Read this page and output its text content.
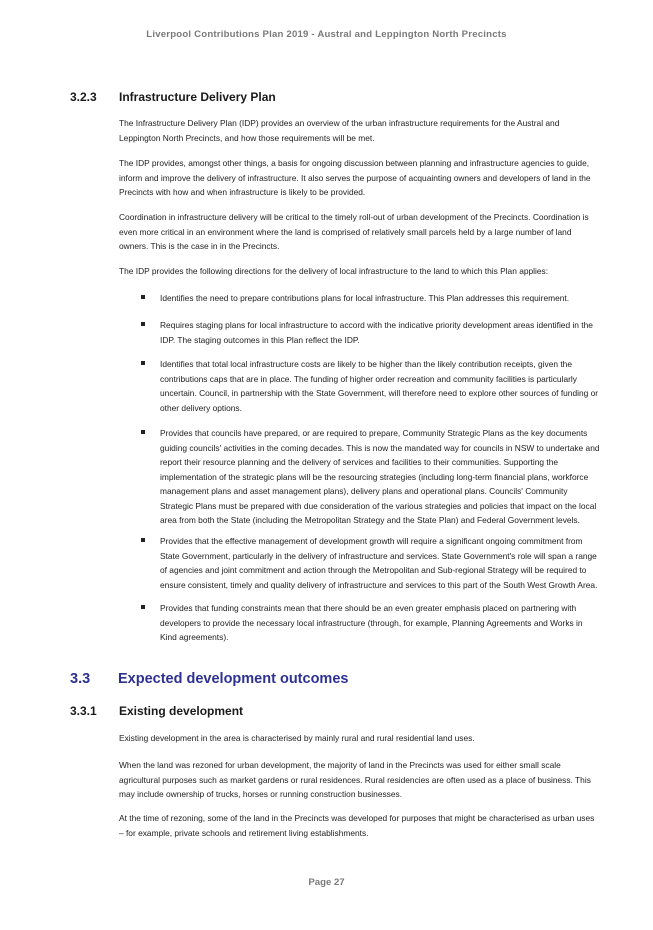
Liverpool Contributions Plan 2019 - Austral and Leppington North Precincts
3.2.3 Infrastructure Delivery Plan
The Infrastructure Delivery Plan (IDP) provides an overview of the urban infrastructure requirements for the Austral and Leppington North Precincts, and how those requirements will be met.
The IDP provides, amongst other things, a basis for ongoing discussion between planning and infrastructure agencies to guide, inform and improve the delivery of infrastructure. It also serves the purpose of acquainting owners and developers of land in the Precincts with how and when infrastructure is likely to be provided.
Coordination in infrastructure delivery will be critical to the timely roll-out of urban development of the Precincts. Coordination is even more critical in an environment where the land is comprised of relatively small parcels held by a large number of land owners. This is the case in in the Precincts.
The IDP provides the following directions for the delivery of local infrastructure to the land to which this Plan applies:
Identifies the need to prepare contributions plans for local infrastructure. This Plan addresses this requirement.
Requires staging plans for local infrastructure to accord with the indicative priority development areas identified in the IDP. The staging outcomes in this Plan reflect the IDP.
Identifies that total local infrastructure costs are likely to be higher than the likely contribution receipts, given the contributions caps that are in place. The funding of higher order recreation and community facilities is particularly uncertain. Council, in partnership with the State Government, will therefore need to explore other sources of funding or other delivery options.
Provides that councils have prepared, or are required to prepare, Community Strategic Plans as the key documents guiding councils' activities in the coming decades. This is now the mandated way for councils in NSW to undertake and report their resource planning and the delivery of services and facilities to their communities. Supporting the implementation of the strategic plans will be the resourcing strategies (including long-term financial plans, workforce management plans and asset management plans), delivery plans and operational plans. Councils' Community Strategic Plans must be prepared with due consideration of the various strategies and policies that impact on the local area from both the State (including the Metropolitan Strategy and the State Plan) and Federal Government levels.
Provides that the effective management of development growth will require a significant ongoing commitment from State Government, particularly in the delivery of infrastructure and services. State Government's role will span a range of agencies and joint commitment and action through the Metropolitan and Sub-regional Strategy will be required to ensure consistent, timely and quality delivery of infrastructure and services to this part of the South West Growth Area.
Provides that funding constraints mean that there should be an even greater emphasis placed on partnering with developers to provide the necessary local infrastructure (through, for example, Planning Agreements and Works in Kind agreements).
3.3 Expected development outcomes
3.3.1 Existing development
Existing development in the area is characterised by mainly rural and rural residential land uses.
When the land was rezoned for urban development, the majority of land in the Precincts was used for either small scale agricultural purposes such as market gardens or rural residences. Rural residencies are often used as a place of business. This may include ownership of trucks, horses or running construction businesses.
At the time of rezoning, some of the land in the Precincts was developed for purposes that might be characterised as urban uses – for example, private schools and retirement living establishments.
Page 27
